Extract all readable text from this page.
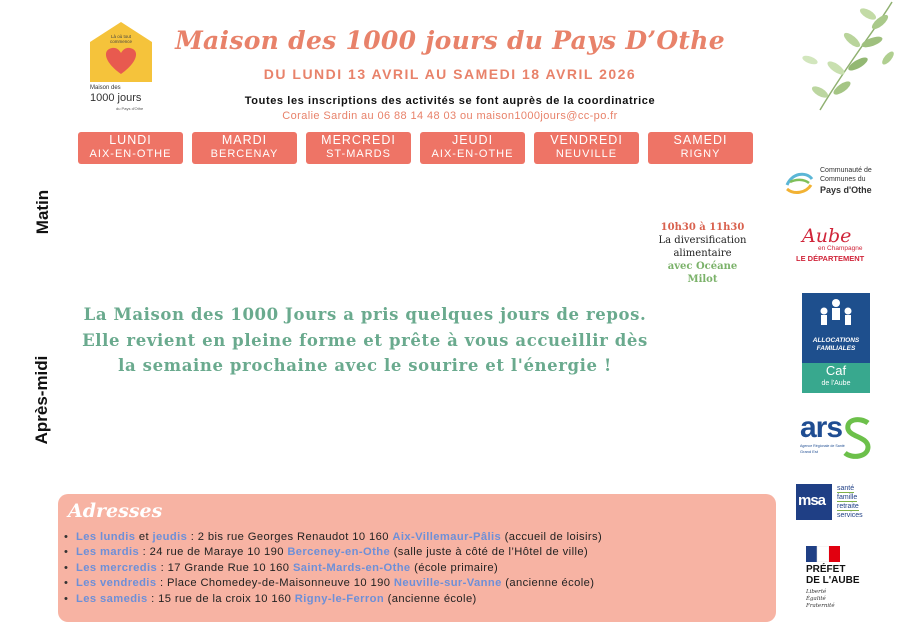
Là où tout commence
Maison des
1000 jours
du Pays d'Othe
Maison des 1000 jours du Pays D’Othe
DU LUNDI 13 AVRIL AU SAMEDI 18 AVRIL 2026
Toutes les inscriptions des activités se font auprès de la coordinatrice
Coralie Sardin au 06 88 14 48 03 ou maison1000jours@cc-po.fr
LUNDI
AIX-EN-OTHE
MARDI
BERCENAY
MERCREDI
ST-MARDS
JEUDI
AIX-EN-OTHE
VENDREDI
NEUVILLE
SAMEDI
RIGNY
Matin
Après-midi
10h30 à 11h30
La diversification
alimentaire
avec Océane
Milot
La Maison des 1000 Jours a pris quelques jours de repos. Elle revient en pleine forme et prête à vous accueillir dès la semaine prochaine avec le sourire et l'énergie !
Adresses
• Les lundis et jeudis : 2 bis rue Georges Renaudot 10 160 Aix-Villemaur-Pâlis (accueil de loisirs)
• Les mardis : 24 rue de Maraye 10 190 Berceney-en-Othe (salle juste à côté de l’Hôtel de ville)
• Les mercredis : 17 Grande Rue 10 160 Saint-Mards-en-Othe (école primaire)
• Les vendredis : Place Chomedey-de-Maisonneuve 10 190 Neuville-sur-Vanne (ancienne école)
• Les samedis : 15 rue de la croix 10 160 Rigny-le-Ferron (ancienne école)
Communauté de
Communes du
Pays d'Othe
Aube
en Champagne
LE DÉPARTEMENT
ALLOCATIONS
FAMILIALES
Caf
de l'Aube
ars
Agence Régionale de Santé
Grand Est
msa
santé
famille
retraite
services
PRÉFET
DE L'AUBE
Liberté
Égalité
Fraternité
